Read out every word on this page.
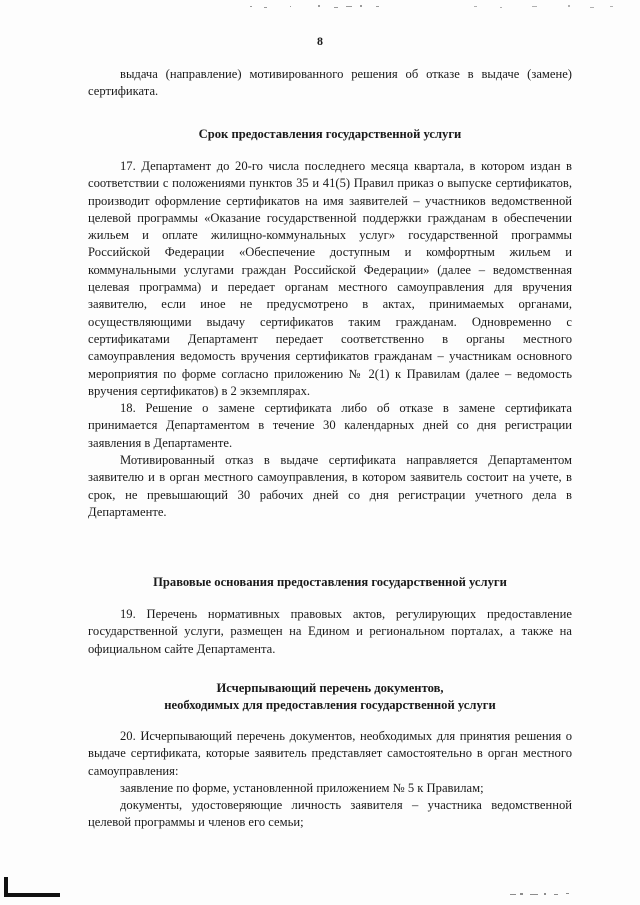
8

выдача (направление) мотивированного решения об отказе в выдаче (замене) сертификата.

Срок предоставления государственной услуги

17. Департамент до 20-го числа последнего месяца квартала, в котором издан в соответствии с положениями пунктов 35 и 41(5) Правил приказ о выпуске сертификатов, производит оформление сертификатов на имя заявителей – участников ведомственной целевой программы «Оказание государственной поддержки гражданам в обеспечении жильем и оплате жилищно-коммунальных услуг» государственной программы Российской Федерации «Обеспечение доступным и комфортным жильем и коммунальными услугами граждан Российской Федерации» (далее – ведомственная целевая программа) и передает органам местного самоуправления для вручения заявителю, если иное не предусмотрено в актах, принимаемых органами, осуществляющими выдачу сертификатов таким гражданам. Одновременно с сертификатами Департамент передает соответственно в органы местного самоуправления ведомость вручения сертификатов гражданам – участникам основного мероприятия по форме согласно приложению № 2(1) к Правилам (далее – ведомость вручения сертификатов) в 2 экземплярах.

18. Решение о замене сертификата либо об отказе в замене сертификата принимается Департаментом в течение 30 календарных дней со дня регистрации заявления в Департаменте.

Мотивированный отказ в выдаче сертификата направляется Департаментом заявителю и в орган местного самоуправления, в котором заявитель состоит на учете, в срок, не превышающий 30 рабочих дней со дня регистрации учетного дела в Департаменте.

Правовые основания предоставления государственной услуги

19. Перечень нормативных правовых актов, регулирующих предоставление государственной услуги, размещен на Едином и региональном порталах, а также на официальном сайте Департамента.

Исчерпывающий перечень документов,
необходимых для предоставления государственной услуги

20. Исчерпывающий перечень документов, необходимых для принятия решения о выдаче сертификата, которые заявитель представляет самостоятельно в орган местного самоуправления:

заявление по форме, установленной приложением № 5 к Правилам;

документы, удостоверяющие личность заявителя – участника ведомственной целевой программы и членов его семьи;
